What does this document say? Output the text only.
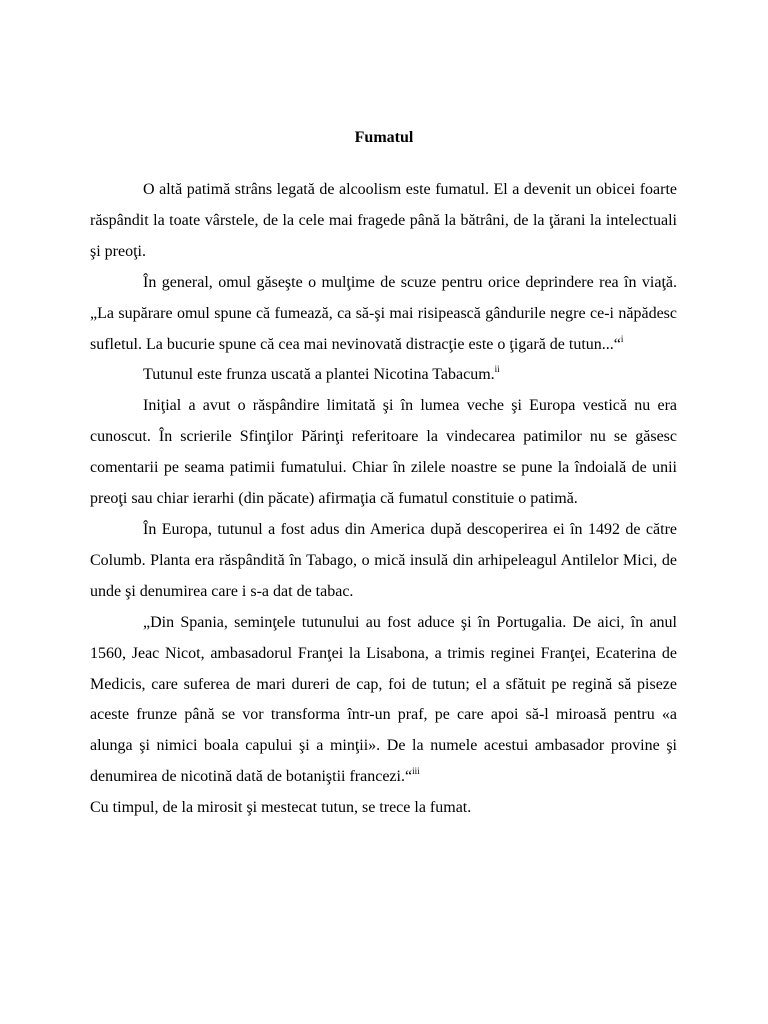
Fumatul

O altă patimă strâns legată de alcoolism este fumatul. El a devenit un obicei foarte răspândit la toate vârstele, de la cele mai fragede până la bătrâni, de la ţărani la intelectuali şi preoţi.

În general, omul găseşte o mulţime de scuze pentru orice deprindere rea în viaţă. „La supărare omul spune că fumează, ca să-şi mai risipească gândurile negre ce-i năpădesc sufletul. La bucurie spune că cea mai nevinovată distracţie este o ţigară de tutun...“$^i$

Tutunul este frunza uscată a plantei Nicotina Tabacum.$^{ii}$

Iniţial a avut o răspândire limitată şi în lumea veche şi Europa vestică nu era cunoscut. În scrierile Sfinţilor Părinţi referitoare la vindecarea patimilor nu se găsesc comentarii pe seama patimii fumatului. Chiar în zilele noastre se pune la îndoială de unii preoţi sau chiar ierarhi (din păcate) afirmaţia că fumatul constituie o patimă.

În Europa, tutunul a fost adus din America după descoperirea ei în 1492 de către Columb. Planta era răspândită în Tabago, o mică insulă din arhipeleagul Antilelor Mici, de unde şi denumirea care i s-a dat de tabac.

„Din Spania, seminţele tutunului au fost aduce şi în Portugalia. De aici, în anul 1560, Jeac Nicot, ambasadorul Franţei la Lisabona, a trimis reginei Franţei, Ecaterina de Medicis, care suferea de mari dureri de cap, foi de tutun; el a sfătuit pe regină să piseze aceste frunze până se vor transforma într-un praf, pe care apoi să-l miroasă pentru «a alunga şi nimici boala capului şi a minţii». De la numele acestui ambasador provine şi denumirea de nicotină dată de botaniştii francezi.“$^{iii}$
Cu timpul, de la mirosit şi mestecat tutun, se trece la fumat.
